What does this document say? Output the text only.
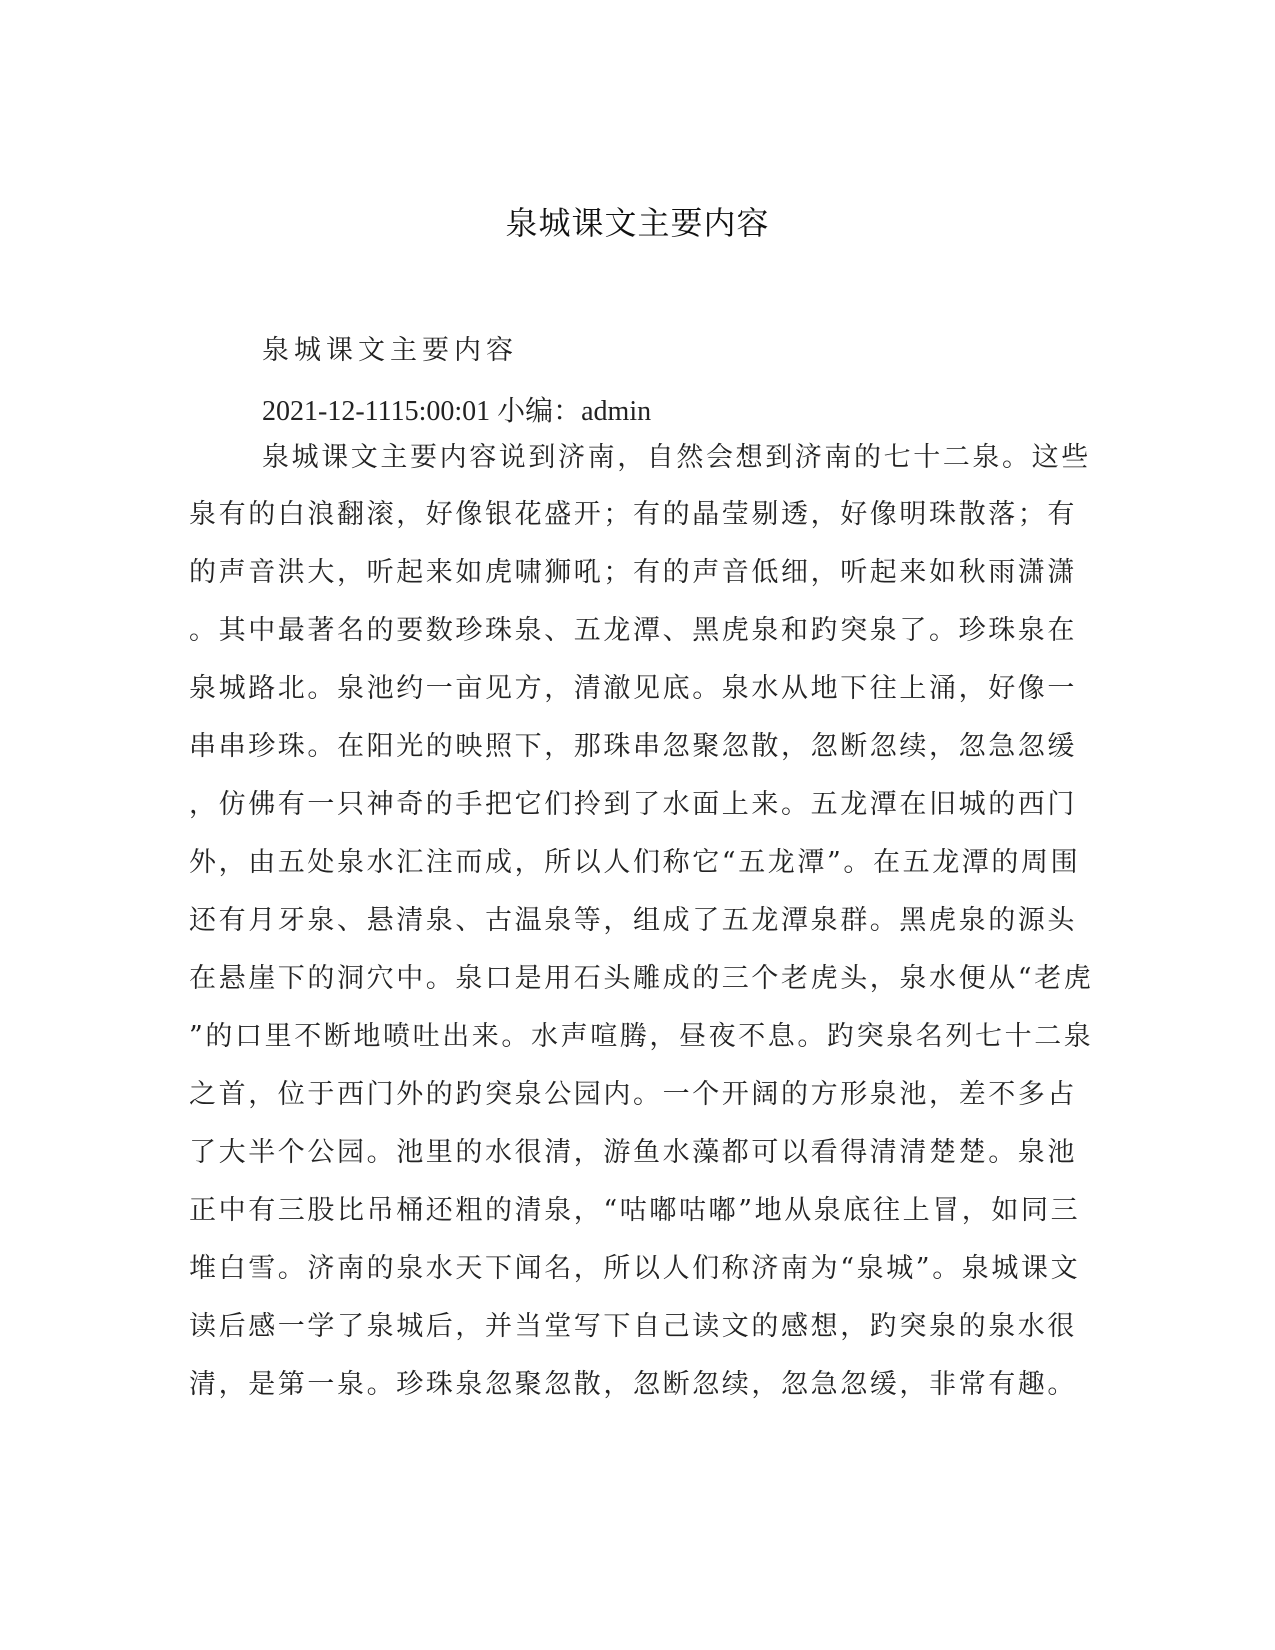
泉城课文主要内容
泉城课文主要内容
2021-12-1115:00:01 小编：admin
泉城课文主要内容说到济南，自然会想到济南的七十二泉。这些
泉有的白浪翻滚，好像银花盛开；有的晶莹剔透，好像明珠散落；有
的声音洪大，听起来如虎啸狮吼；有的声音低细，听起来如秋雨潇潇
。其中最著名的要数珍珠泉、五龙潭、黑虎泉和趵突泉了。珍珠泉在
泉城路北。泉池约一亩见方，清澈见底。泉水从地下往上涌，好像一
串串珍珠。在阳光的映照下，那珠串忽聚忽散，忽断忽续，忽急忽缓
，仿佛有一只神奇的手把它们拎到了水面上来。五龙潭在旧城的西门
外，由五处泉水汇注而成，所以人们称它“五龙潭”。在五龙潭的周围
还有月牙泉、悬清泉、古温泉等，组成了五龙潭泉群。黑虎泉的源头
在悬崖下的洞穴中。泉口是用石头雕成的三个老虎头，泉水便从“老虎
”的口里不断地喷吐出来。水声喧腾，昼夜不息。趵突泉名列七十二泉
之首，位于西门外的趵突泉公园内。一个开阔的方形泉池，差不多占
了大半个公园。池里的水很清，游鱼水藻都可以看得清清楚楚。泉池
正中有三股比吊桶还粗的清泉，“咕嘟咕嘟”地从泉底往上冒，如同三
堆白雪。济南的泉水天下闻名，所以人们称济南为“泉城”。泉城课文
读后感一学了泉城后，并当堂写下自己读文的感想，趵突泉的泉水很
清，是第一泉。珍珠泉忽聚忽散，忽断忽续，忽急忽缓，非常有趣。
